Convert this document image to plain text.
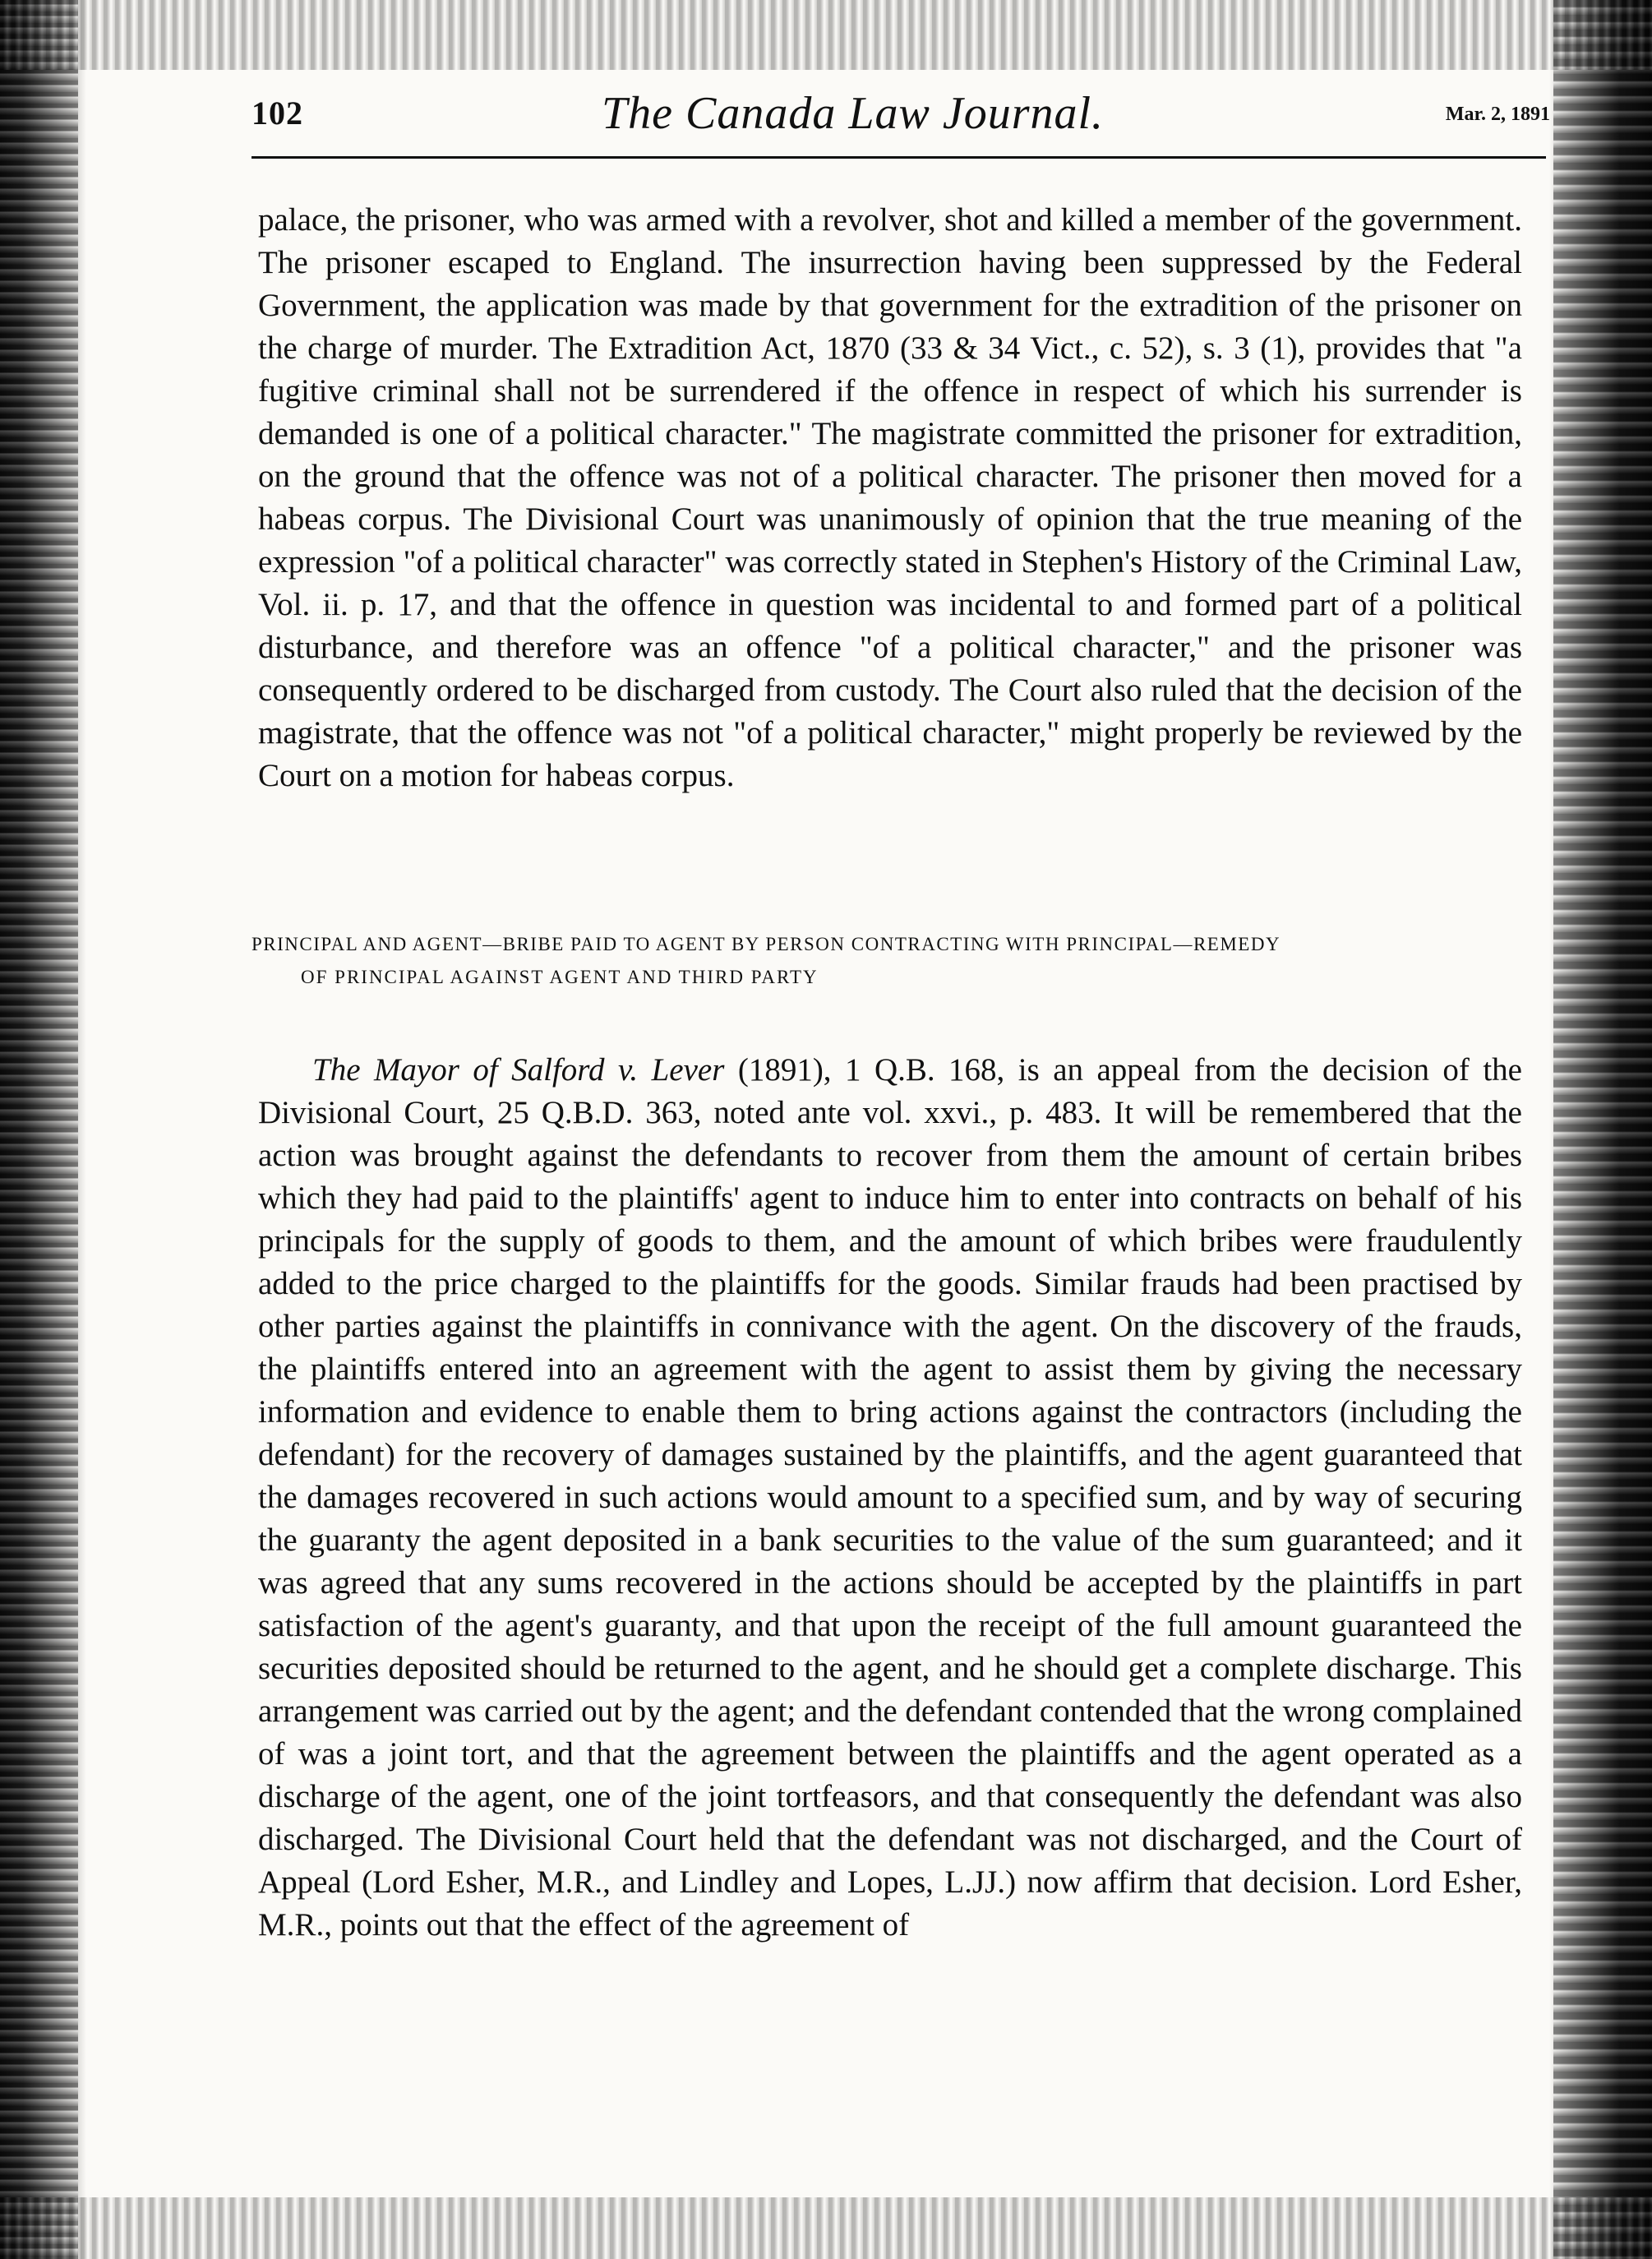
102	The Canada Law Journal.	Mar. 2, 1891

palace, the prisoner, who was armed with a revolver, shot and killed a member of the government. The prisoner escaped to England. The insurrection having been suppressed by the Federal Government, the application was made by that government for the extradition of the prisoner on the charge of murder. The Extradition Act, 1870 (33 & 34 Vict., c. 52), s. 3 (1), provides that "a fugitive criminal shall not be surrendered if the offence in respect of which his surrender is demanded is one of a political character." The magistrate committed the prisoner for extradition, on the ground that the offence was not of a political character. The prisoner then moved for a habeas corpus. The Divisional Court was unanimously of opinion that the true meaning of the expression "of a political character" was correctly stated in Stephen's History of the Criminal Law, Vol. ii. p. 17, and that the offence in question was incidental to and formed part of a political disturbance, and therefore was an offence "of a political character," and the prisoner was consequently ordered to be discharged from custody. The Court also ruled that the decision of the magistrate, that the offence was not "of a political character," might properly be reviewed by the Court on a motion for habeas corpus.

PRINCIPAL AND AGENT—BRIBE PAID TO AGENT BY PERSON CONTRACTING WITH PRINCIPAL—REMEDY
OF PRINCIPAL AGAINST AGENT AND THIRD PARTY

The Mayor of Salford v. Lever (1891), 1 Q.B. 168, is an appeal from the decision of the Divisional Court, 25 Q.B.D. 363, noted ante vol. xxvi., p. 483. It will be remembered that the action was brought against the defendants to recover from them the amount of certain bribes which they had paid to the plaintiffs' agent to induce him to enter into contracts on behalf of his principals for the supply of goods to them, and the amount of which bribes were fraudulently added to the price charged to the plaintiffs for the goods. Similar frauds had been practised by other parties against the plaintiffs in connivance with the agent. On the discovery of the frauds, the plaintiffs entered into an agreement with the agent to assist them by giving the necessary information and evidence to enable them to bring actions against the contractors (including the defendant) for the recovery of damages sustained by the plaintiffs, and the agent guaranteed that the damages recovered in such actions would amount to a specified sum, and by way of securing the guaranty the agent deposited in a bank securities to the value of the sum guaranteed; and it was agreed that any sums recovered in the actions should be accepted by the plaintiffs in part satisfaction of the agent's guaranty, and that upon the receipt of the full amount guaranteed the securities deposited should be returned to the agent, and he should get a complete discharge. This arrangement was carried out by the agent; and the defendant contended that the wrong complained of was a joint tort, and that the agreement between the plaintiffs and the agent operated as a discharge of the agent, one of the joint tortfeasors, and that consequently the defendant was also discharged. The Divisional Court held that the defendant was not discharged, and the Court of Appeal (Lord Esher, M.R., and Lindley and Lopes, L.JJ.) now affirm that decision. Lord Esher, M.R., points out that the effect of the agreement of
